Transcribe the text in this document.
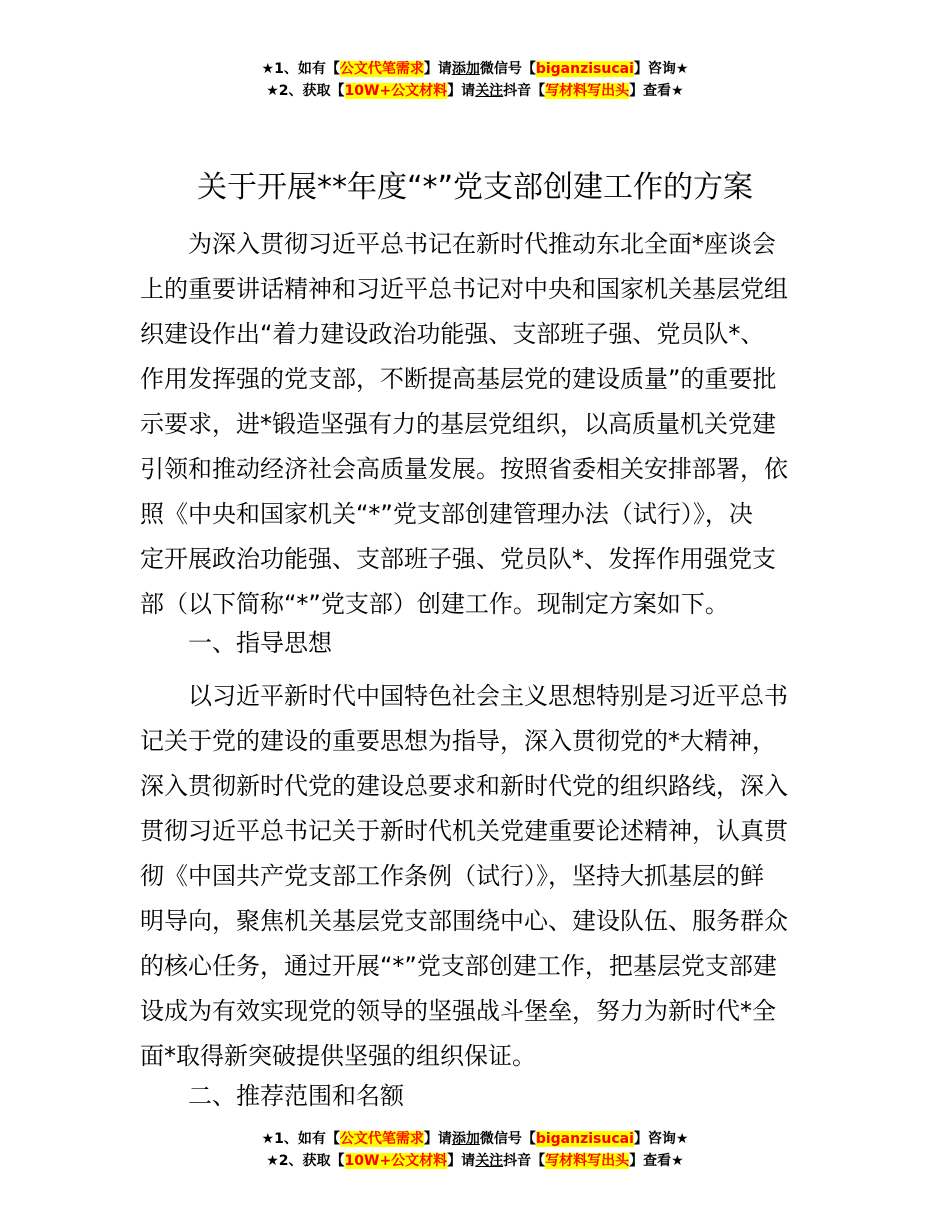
★1、如有【公文代笔需求】请添加微信号【biganzisucai】咨询★
★2、获取【10W+公文材料】请关注抖音【写材料写出头】查看★
关于开展**年度“*”党支部创建工作的方案
为深入贯彻习近平总书记在新时代推动东北全面*座谈会
上的重要讲话精神和习近平总书记对中央和国家机关基层党组
织建设作出“着力建设政治功能强、支部班子强、党员队*、
作用发挥强的党支部，不断提高基层党的建设质量”的重要批
示要求，进*锻造坚强有力的基层党组织，以高质量机关党建
引领和推动经济社会高质量发展。按照省委相关安排部署，依
照《中央和国家机关“*”党支部创建管理办法（试行）》，决
定开展政治功能强、支部班子强、党员队*、发挥作用强党支
部（以下简称“*”党支部）创建工作。现制定方案如下。
一、指导思想
以习近平新时代中国特色社会主义思想特别是习近平总书
记关于党的建设的重要思想为指导，深入贯彻党的*大精神，
深入贯彻新时代党的建设总要求和新时代党的组织路线，深入
贯彻习近平总书记关于新时代机关党建重要论述精神，认真贯
彻《中国共产党支部工作条例（试行）》，坚持大抓基层的鲜
明导向，聚焦机关基层党支部围绕中心、建设队伍、服务群众
的核心任务，通过开展“*”党支部创建工作，把基层党支部建
设成为有效实现党的领导的坚强战斗堡垒，努力为新时代*全
面*取得新突破提供坚强的组织保证。
二、推荐范围和名额
★1、如有【公文代笔需求】请添加微信号【biganzisucai】咨询★
★2、获取【10W+公文材料】请关注抖音【写材料写出头】查看★
